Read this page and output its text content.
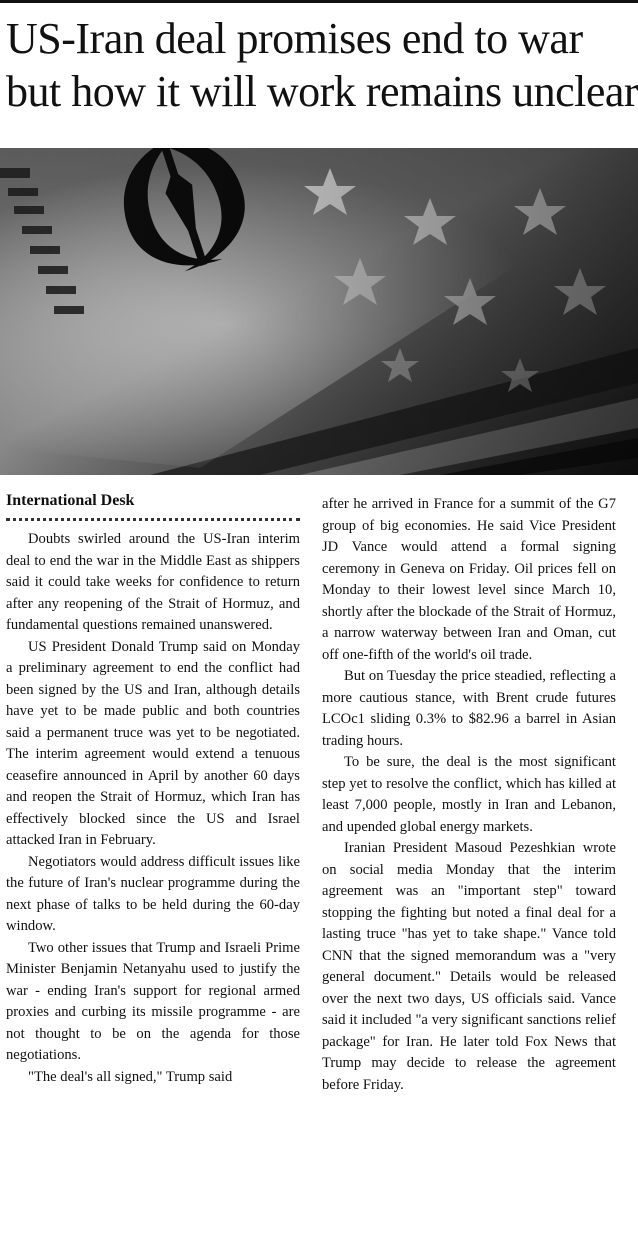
US-Iran deal promises end to war
but how it will work remains unclear
International Desk

Doubts swirled around the US-Iran interim deal to end the war in the Middle East as shippers said it could take weeks for confidence to return after any reopening of the Strait of Hormuz, and fundamental questions remained unanswered.

US President Donald Trump said on Monday a preliminary agreement to end the conflict had been signed by the US and Iran, although details have yet to be made public and both countries said a permanent truce was yet to be negotiated. The interim agreement would extend a tenuous ceasefire announced in April by another 60 days and reopen the Strait of Hormuz, which Iran has effectively blocked since the US and Israel attacked Iran in February.

Negotiators would address difficult issues like the future of Iran's nuclear programme during the next phase of talks to be held during the 60-day window.

Two other issues that Trump and Israeli Prime Minister Benjamin Netanyahu used to justify the war - ending Iran's support for regional armed proxies and curbing its missile programme - are not thought to be on the agenda for those negotiations.

"The deal's all signed," Trump said

after he arrived in France for a summit of the G7 group of big economies. He said Vice President JD Vance would attend a formal signing ceremony in Geneva on Friday. Oil prices fell on Monday to their lowest level since March 10, shortly after the blockade of the Strait of Hormuz, a narrow waterway between Iran and Oman, cut off one-fifth of the world's oil trade.

But on Tuesday the price steadied, reflecting a more cautious stance, with Brent crude futures LCOc1 sliding 0.3% to $82.96 a barrel in Asian trading hours.

To be sure, the deal is the most significant step yet to resolve the conflict, which has killed at least 7,000 people, mostly in Iran and Lebanon, and upended global energy markets.

Iranian President Masoud Pezeshkian wrote on social media Monday that the interim agreement was an "important step" toward stopping the fighting but noted a final deal for a lasting truce "has yet to take shape." Vance told CNN that the signed memorandum was a "very general document." Details would be released over the next two days, US officials said. Vance said it included "a very significant sanctions relief package" for Iran. He later told Fox News that Trump may decide to release the agreement before Friday.
